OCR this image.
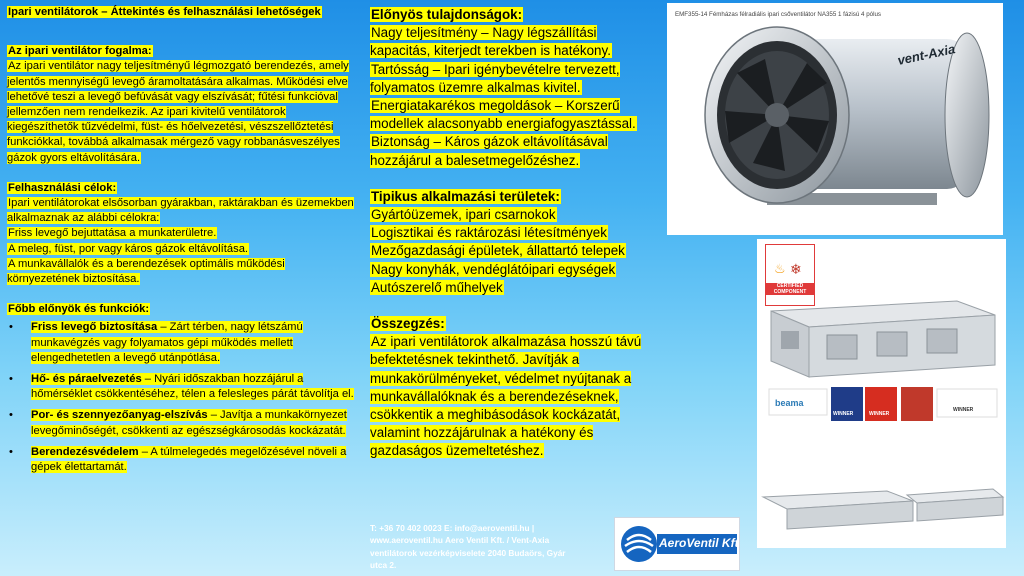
Ipari ventilátorok – Áttekintés és felhasználási lehetőségek

Az ipari ventilátor fogalma:

Az ipari ventilátor nagy teljesítményű légmozgató berendezés, amely jelentős mennyiségű levegő áramoltatására alkalmas. Működési elve lehetővé teszi a levegő befúvását vagy elszívását; fűtési funkcióval jellemzően nem rendelkezik. Az ipari kivitelű ventilátorok kiegészíthetők tűzvédelmi, füst- és hőelvezetési, vészszellőztetési funkciókkal, továbbá alkalmasak mérgező vagy robbanásveszélyes gázok gyors eltávolítására.

Felhasználási célok:

Ipari ventilátorokat elsősorban gyárakban, raktárakban és üzemekben alkalmaznak az alábbi célokra:

Friss levegő bejuttatása a munkaterületre.

A meleg, füst, por vagy káros gázok eltávolítása.

A munkavállalók és a berendezések optimális működési környezetének biztosítása.

Főbb előnyök és funkciók:

• Friss levegő biztosítása – Zárt térben, nagy létszámú munkavégzés vagy folyamatos gépi működés mellett elengedhetetlen a levegő utánpótlása.
• Hő- és páraelvezetés – Nyári időszakban hozzájárul a hőmérséklet csökkentéséhez, télen a felesleges párát távolítja el.
• Por- és szennyezőanyag-elszívás – Javítja a munkakörnyezet levegőminőségét, csökkenti az egészségkárosodás kockázatát.
• Berendezésvédelem – A túlmelegedés megelőzésével növeli a gépek élettartamát.

Előnyös tulajdonságok:

Nagy teljesítmény – Nagy légszállítási kapacitás, kiterjedt terekben is hatékony.

Tartósság – Ipari igénybevételre tervezett, folyamatos üzemre alkalmas kivitel.

Energiatakarékos megoldások – Korszerű modellek alacsonyabb energiafogyasztással.

Biztonság – Káros gázok eltávolításával hozzájárul a balesetmegelőzéshez.

Tipikus alkalmazási területek:

Gyártóüzemek, ipari csarnokok

Logisztikai és raktározási létesítmények

Mezőgazdasági épületek, állattartó telepek

Nagy konyhák, vendéglátóipari egységek

Autószerelő műhelyek

Összegzés:

Az ipari ventilátorok alkalmazása hosszú távú befektetésnek tekinthető. Javítják a munkakörülményeket, védelmet nyújtanak a munkavállalóknak és a berendezéseknek, csökkentik a meghibásodások kockázatát, valamint hozzájárulnak a hatékony és gazdaságos üzemeltetéshez.

T: +36 70 402 0023 E: info@aeroventil.hu |
www.aeroventil.hu Aero Ventil Kft. / Vent-Axia
ventilátorok vezérképviselete 2040 Budaörs, Gyár
utca 2.
AeroVentil Kft
EMF355-14 Fémházas félradiális ipari csőventilátor NA355 1 fázisú 4 pólus
vent-Axia
❄
♨
CERTIFIED
COMPONENT
beama
WINNER	WINNER
WINNER
